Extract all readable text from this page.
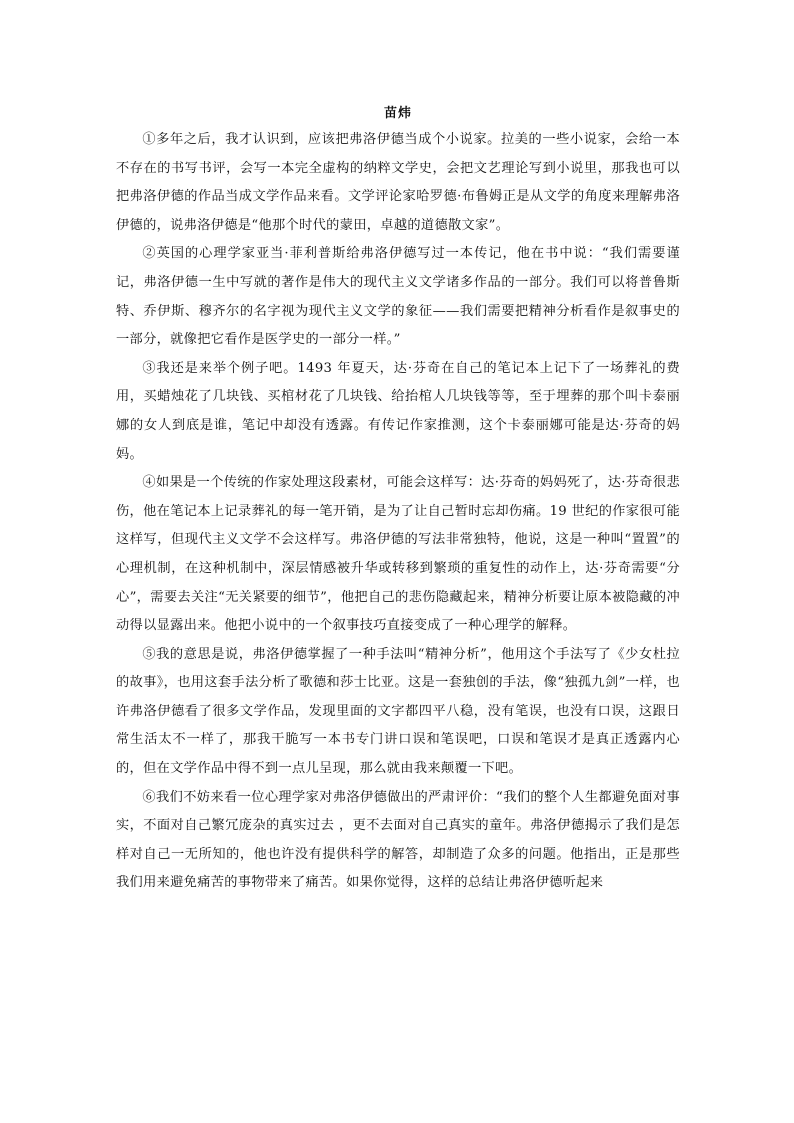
苗炜

①多年之后，我才认识到，应该把弗洛伊德当成个小说家。拉美的一些小说家，会给一本不存在的书写书评，会写一本完全虚构的纳粹文学史，会把文艺理论写到小说里，那我也可以把弗洛伊德的作品当成文学作品来看。文学评论家哈罗德·布鲁姆正是从文学的角度来理解弗洛伊德的，说弗洛伊德是“他那个时代的蒙田，卓越的道德散文家”。

②英国的心理学家亚当·菲利普斯给弗洛伊德写过一本传记，他在书中说：“我们需要谨记，弗洛伊德一生中写就的著作是伟大的现代主义文学诸多作品的一部分。我们可以将普鲁斯特、乔伊斯、穆齐尔的名字视为现代主义文学的象征——我们需要把精神分析看作是叙事史的一部分，就像把它看作是医学史的一部分一样。”

③我还是来举个例子吧。1493 年夏天，达·芬奇在自己的笔记本上记下了一场葬礼的费用，买蜡烛花了几块钱、买棺材花了几块钱、给抬棺人几块钱等等，至于埋葬的那个叫卡泰丽娜的女人到底是谁，笔记中却没有透露。有传记作家推测，这个卡泰丽娜可能是达·芬奇的妈妈。

④如果是一个传统的作家处理这段素材，可能会这样写：达·芬奇的妈妈死了，达·芬奇很悲伤，他在笔记本上记录葬礼的每一笔开销，是为了让自己暂时忘却伤痛。19 世纪的作家很可能这样写，但现代主义文学不会这样写。弗洛伊德的写法非常独特，他说，这是一种叫“置置”的心理机制，在这种机制中，深层情感被升华或转移到繁琐的重复性的动作上，达·芬奇需要“分心”，需要去关注“无关紧要的细节”，他把自己的悲伤隐藏起来，精神分析要让原本被隐藏的冲动得以显露出来。他把小说中的一个叙事技巧直接变成了一种心理学的解释。

⑤我的意思是说，弗洛伊德掌握了一种手法叫“精神分析”，他用这个手法写了《少女杜拉的故事》，也用这套手法分析了歌德和莎士比亚。这是一套独创的手法，像“独孤九剑”一样，也许弗洛伊德看了很多文学作品，发现里面的文字都四平八稳，没有笔误，也没有口误，这跟日常生活太不一样了，那我干脆写一本书专门讲口误和笔误吧，口误和笔误才是真正透露内心的，但在文学作品中得不到一点儿呈现，那么就由我来颠覆一下吧。

⑥我们不妨来看一位心理学家对弗洛伊德做出的严肃评价：“我们的整个人生都避免面对事实，不面对自己繁冗庞杂的真实过去 ，更不去面对自己真实的童年。弗洛伊德揭示了我们是怎样对自己一无所知的，他也许没有提供科学的解答，却制造了众多的问题。他指出，正是那些我们用来避免痛苦的事物带来了痛苦。如果你觉得，这样的总结让弗洛伊德听起来
